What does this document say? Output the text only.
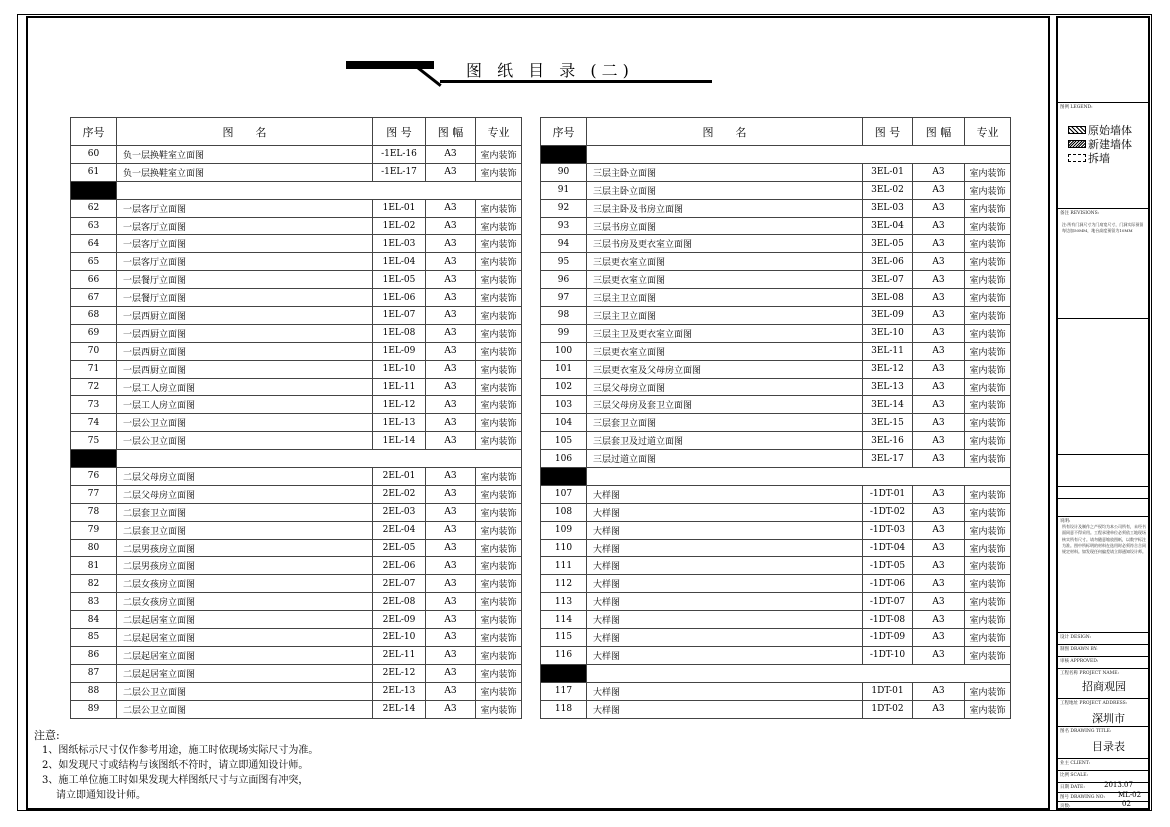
图 纸 目 录 (二)
序号	图　　名	图 号	图 幅	专业
60	负一层换鞋室立面图	-1EL-16	A3	室内装饰
61	负一层换鞋室立面图	-1EL-17	A3	室内装饰

62	一层客厅立面图	1EL-01	A3	室内装饰
63	一层客厅立面图	1EL-02	A3	室内装饰
64	一层客厅立面图	1EL-03	A3	室内装饰
65	一层客厅立面图	1EL-04	A3	室内装饰
66	一层餐厅立面图	1EL-05	A3	室内装饰
67	一层餐厅立面图	1EL-06	A3	室内装饰
68	一层西厨立面图	1EL-07	A3	室内装饰
69	一层西厨立面图	1EL-08	A3	室内装饰
70	一层西厨立面图	1EL-09	A3	室内装饰
71	一层西厨立面图	1EL-10	A3	室内装饰
72	一层工人房立面图	1EL-11	A3	室内装饰
73	一层工人房立面图	1EL-12	A3	室内装饰
74	一层公卫立面图	1EL-13	A3	室内装饰
75	一层公卫立面图	1EL-14	A3	室内装饰

76	二层父母房立面图	2EL-01	A3	室内装饰
77	二层父母房立面图	2EL-02	A3	室内装饰
78	二层套卫立面图	2EL-03	A3	室内装饰
79	二层套卫立面图	2EL-04	A3	室内装饰
80	二层男孩房立面图	2EL-05	A3	室内装饰
81	二层男孩房立面图	2EL-06	A3	室内装饰
82	二层女孩房立面图	2EL-07	A3	室内装饰
83	二层女孩房立面图	2EL-08	A3	室内装饰
84	二层起居室立面图	2EL-09	A3	室内装饰
85	二层起居室立面图	2EL-10	A3	室内装饰
86	二层起居室立面图	2EL-11	A3	室内装饰
87	二层起居室立面图	2EL-12	A3	室内装饰
88	二层公卫立面图	2EL-13	A3	室内装饰
89	二层公卫立面图	2EL-14	A3	室内装饰
序号	图　　名	图 号	图 幅	专业

90	三层主卧立面图	3EL-01	A3	室内装饰
91	三层主卧立面图	3EL-02	A3	室内装饰
92	三层主卧及书房立面图	3EL-03	A3	室内装饰
93	三层书房立面图	3EL-04	A3	室内装饰
94	三层书房及更衣室立面图	3EL-05	A3	室内装饰
95	三层更衣室立面图	3EL-06	A3	室内装饰
96	三层更衣室立面图	3EL-07	A3	室内装饰
97	三层主卫立面图	3EL-08	A3	室内装饰
98	三层主卫立面图	3EL-09	A3	室内装饰
99	三层主卫及更衣室立面图	3EL-10	A3	室内装饰
100	三层更衣室立面图	3EL-11	A3	室内装饰
101	三层更衣室及父母房立面图	3EL-12	A3	室内装饰
102	三层父母房立面图	3EL-13	A3	室内装饰
103	三层父母房及套卫立面图	3EL-14	A3	室内装饰
104	三层套卫立面图	3EL-15	A3	室内装饰
105	三层套卫及过道立面图	3EL-16	A3	室内装饰
106	三层过道立面图	3EL-17	A3	室内装饰

107	大样图	-1DT-01	A3	室内装饰
108	大样图	-1DT-02	A3	室内装饰
109	大样图	-1DT-03	A3	室内装饰
110	大样图	-1DT-04	A3	室内装饰
111	大样图	-1DT-05	A3	室内装饰
112	大样图	-1DT-06	A3	室内装饰
113	大样图	-1DT-07	A3	室内装饰
114	大样图	-1DT-08	A3	室内装饰
115	大样图	-1DT-09	A3	室内装饰
116	大样图	-1DT-10	A3	室内装饰

117	大样图	1DT-01	A3	室内装饰
118	大样图	1DT-02	A3	室内装饰
注意:
1、图纸标示尺寸仅作参考用途，施工时依现场实际尺寸为准。
2、如发现尺寸或结构与该图纸不符时，请立即通知设计师。
3、施工单位施工时如果发现大样图纸尺寸与立面图有冲突，
请立即通知设计师。
图例 LEGEND:
原始墙体
新建墙体
拆墙
备注 REVISIONS:
注:所有门洞尺寸为门扇宽尺寸，门洞实际预留每边加50MM，地台高度预留为10MM
说明:
所有设计及制作之产权均为本公司所有，未经书面同意不得采用。工程承建单位必须依工地现场核实所有尺寸。请勿随意缩放图纸，以数字标注为准。图中所标明的材料在选用时必须符合合同规定材料。如发现任何偏差请立即通知设计师。
设计 DESIGN:
制图 DRAWN BY:
审核 APPROVED:
工程名称 PROJECT NAME:
招商观园
工程地址 PROJECT ADDRESS:
深圳市
图名 DRAWING TITLE:
目录表
业主 CLIENT:
比例 SCALE:
日期 DATE:	2013.07
图号 DRAWING NO: ML-02
页数:	02
